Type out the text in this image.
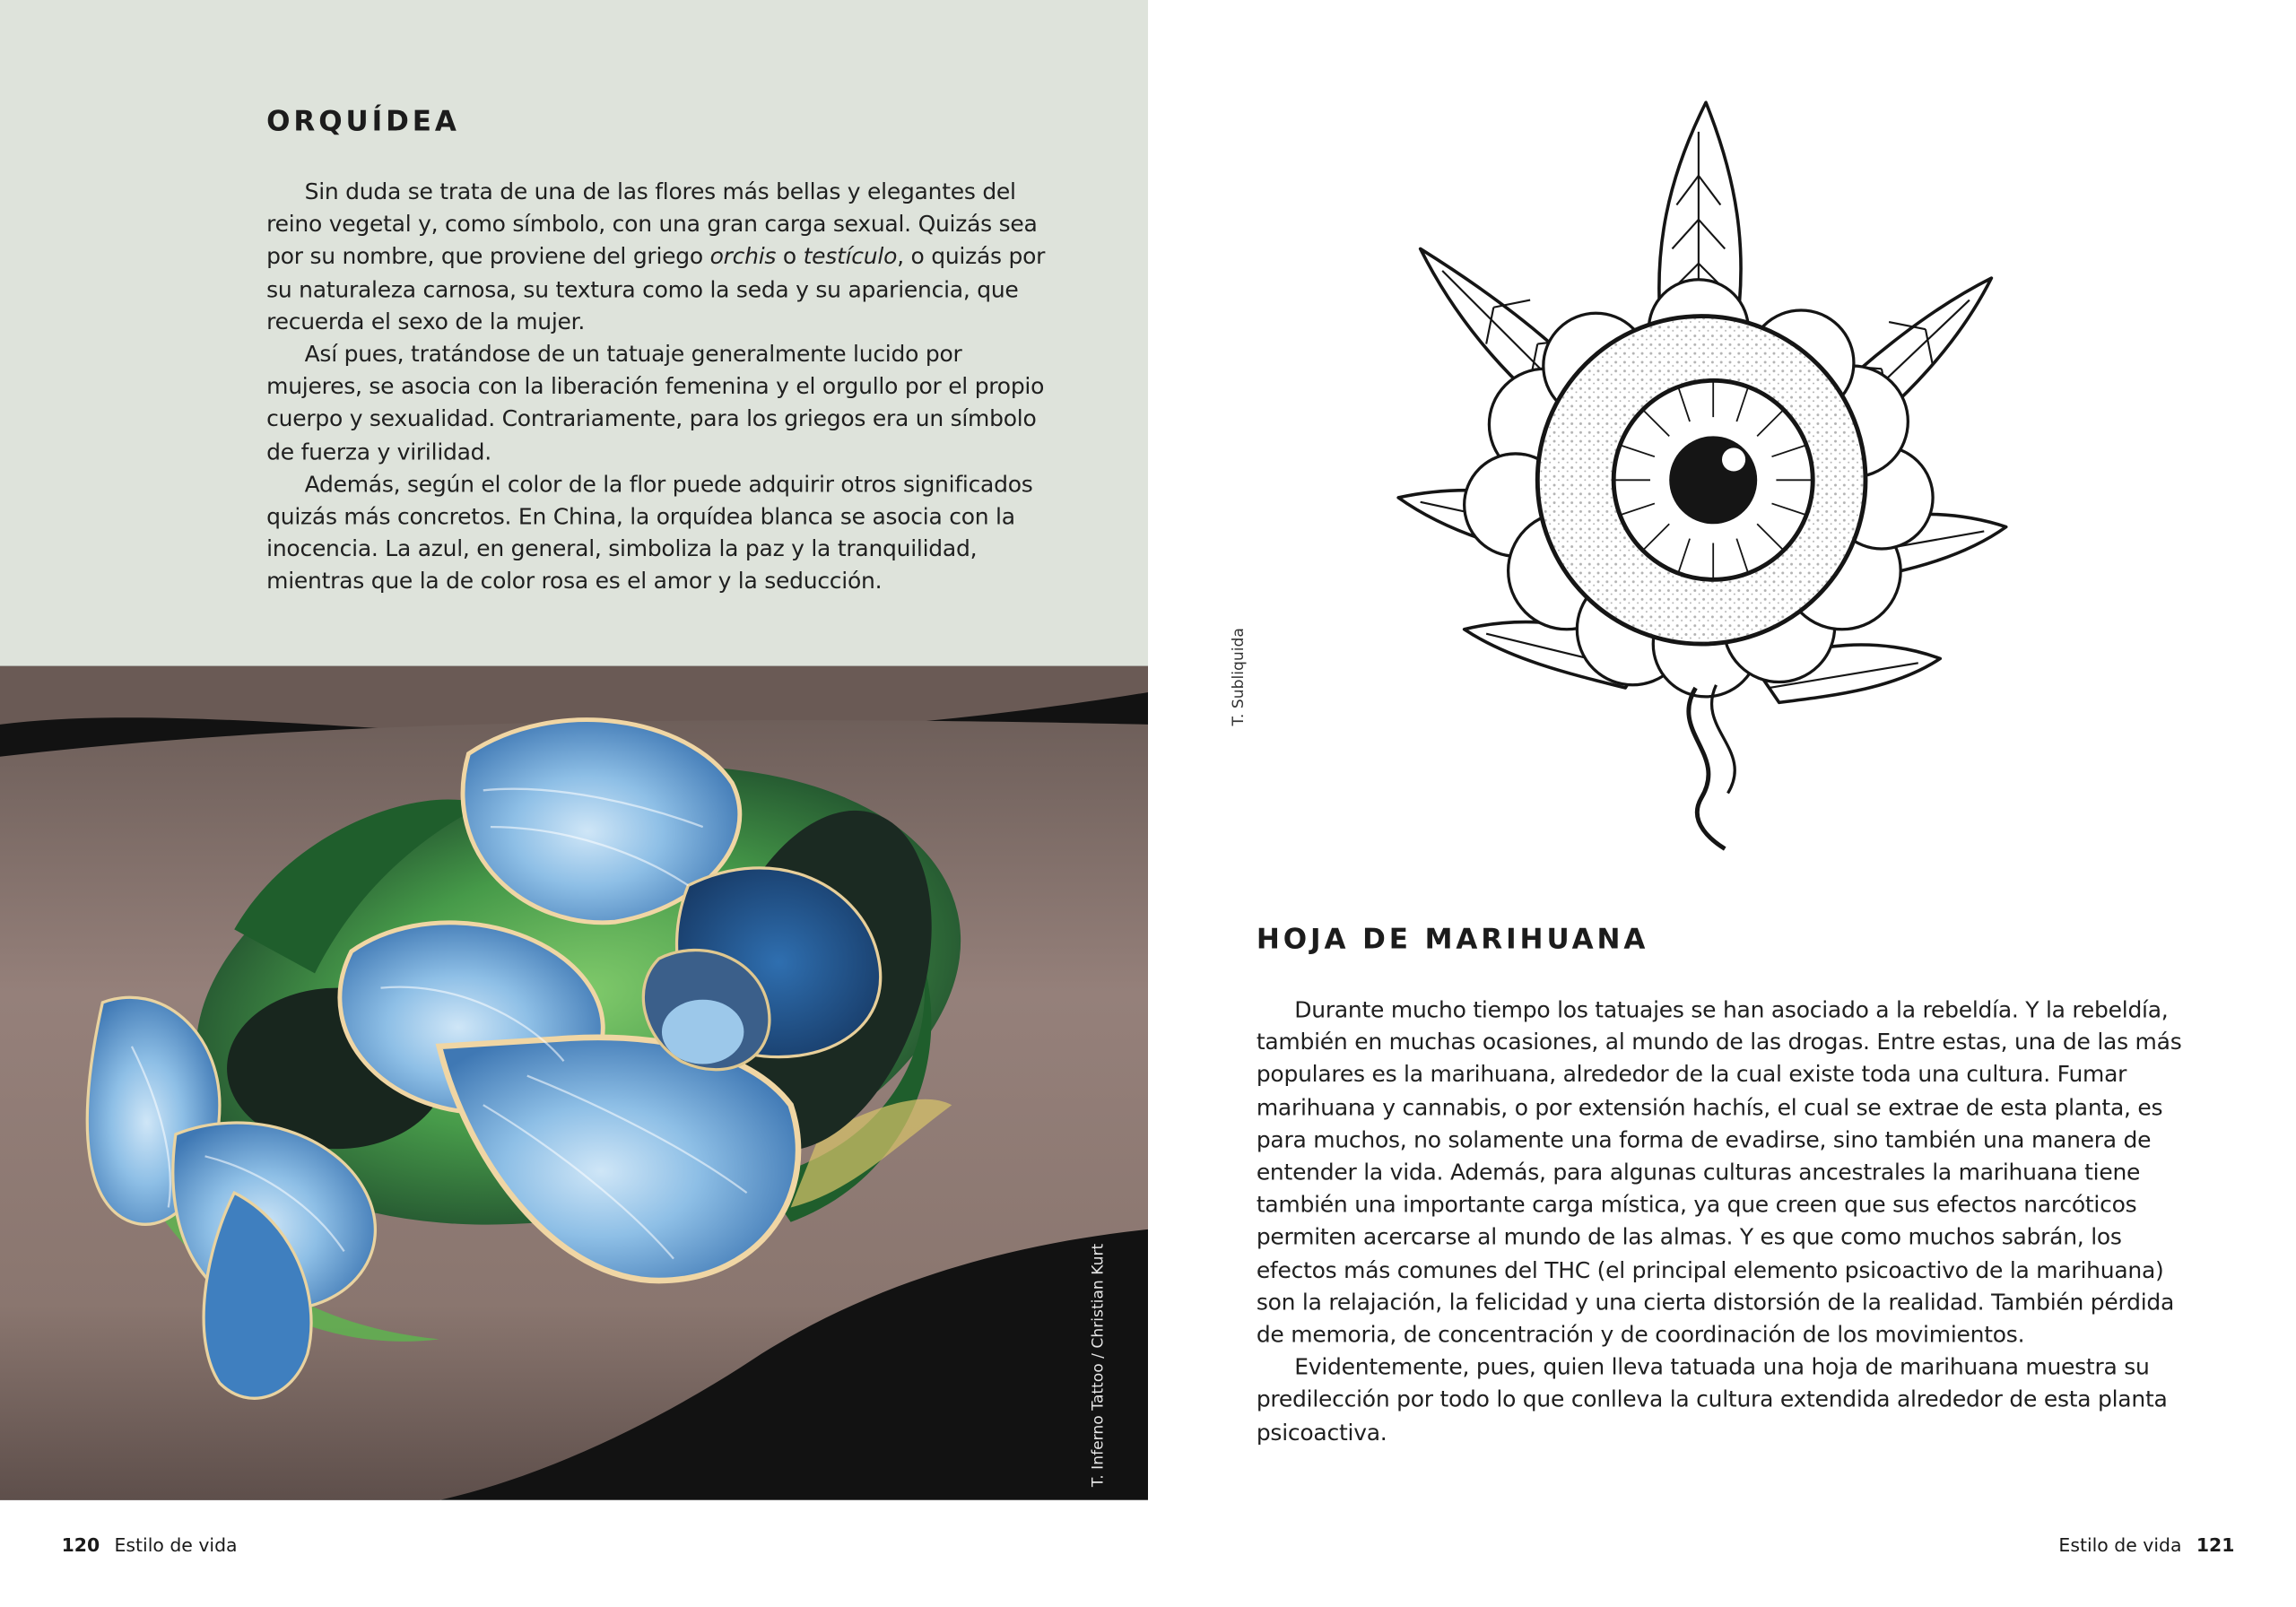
ORQUÍDEA

Sin duda se trata de una de las flores más bellas y elegantes del reino vegetal y, como símbolo, con una gran carga sexual. Quizás sea por su nombre, que proviene del griego orchis o testículo, o quizás por su naturaleza carnosa, su textura como la seda y su apariencia, que recuerda el sexo de la mujer.

Así pues, tratándose de un tatuaje generalmente lucido por mujeres, se asocia con la liberación femenina y el orgullo por el propio cuerpo y sexualidad. Contrariamente, para los griegos era un símbolo de fuerza y virilidad.

Además, según el color de la flor puede adquirir otros significados quizás más concretos. En China, la orquídea blanca se asocia con la inocencia. La azul, en general, simboliza la paz y la tranquilidad, mientras que la de color rosa es el amor y la seducción.

T. Inferno Tattoo / Christian Kurt
120 Estilo de vida
T. Subliquida
HOJA DE MARIHUANA

Durante mucho tiempo los tatuajes se han asociado a la rebeldía. Y la rebeldía, también en muchas ocasiones, al mundo de las drogas. Entre estas, una de las más populares es la marihuana, alrededor de la cual existe toda una cultura. Fumar marihuana y cannabis, o por extensión hachís, el cual se extrae de esta planta, es para muchos, no solamente una forma de evadirse, sino también una manera de entender la vida. Además, para algunas culturas ancestrales la marihuana tiene también una importante carga mística, ya que creen que sus efectos narcóticos permiten acercarse al mundo de las almas. Y es que como muchos sabrán, los efectos más comunes del THC (el principal elemento psicoactivo de la marihuana) son la relajación, la felicidad y una cierta distorsión de la realidad. También pérdida de memoria, de concentración y de coordinación de los movimientos.

Evidentemente, pues, quien lleva tatuada una hoja de marihuana muestra su predilección por todo lo que conlleva la cultura extendida alrededor de esta planta psicoactiva.

Estilo de vida 121
